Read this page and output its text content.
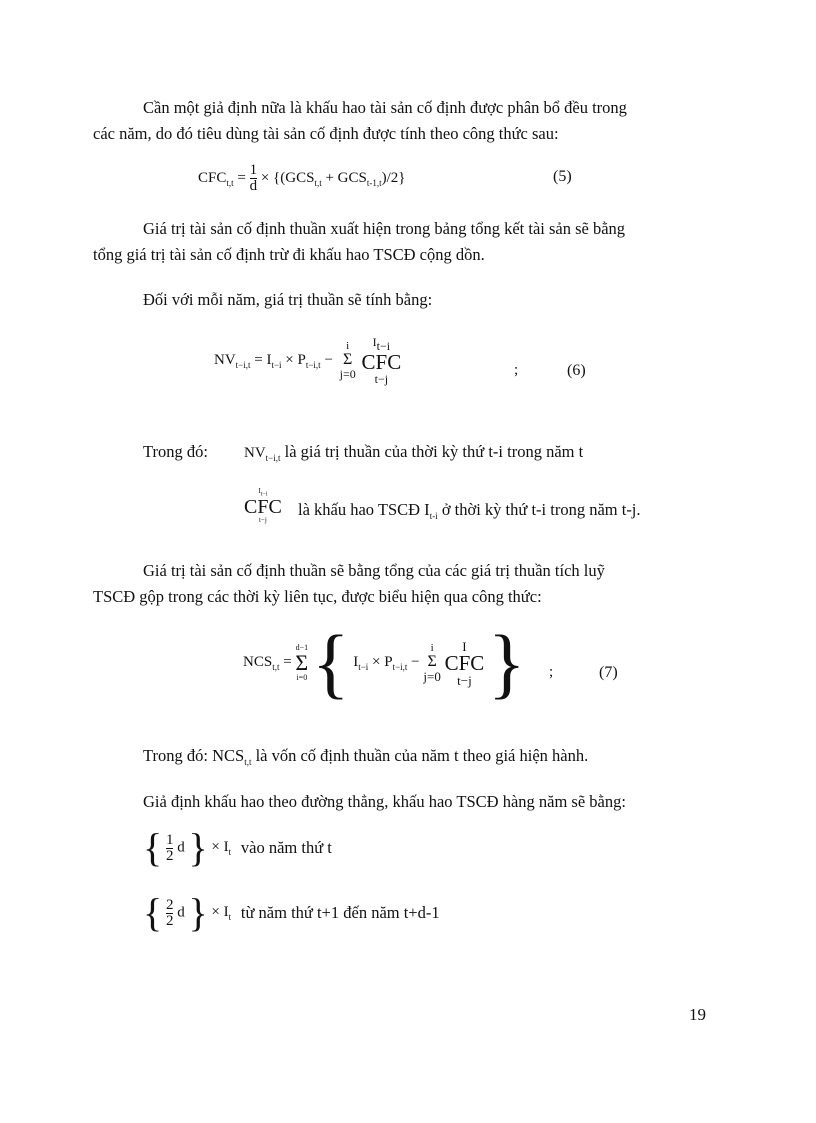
Cần một giả định nữa là khấu hao tài sản cố định được phân bổ đều trong
các năm, do đó tiêu dùng tài sản cố định được tính theo công thức sau:
$CFC_{t,t} = \frac{1}{d} \times \{(GCS_{t,t} + GCS_{t-1,t})/2\}$	(5)
Giá trị tài sản cố định thuần xuất hiện trong bảng tổng kết tài sản sẽ bằng
tổng giá trị tài sản cố định trừ đi khấu hao TSCĐ cộng dồn.
Đối với mỗi năm, giá trị thuần sẽ tính bằng:
$NV_{t-i,t} = I_{t-i} \times P_{t-i,t}$ −
i
Σ
j=0

$I_{t-i}$
CFC
t−j
;	(6)
Trong đó: $NV_{t-i,t}$ là giá trị thuần của thời kỳ thứ t-i trong năm t
$I_{t-i}$
CFC
t−j
là khấu hao TSCĐ $I_{t-i}$ ở thời kỳ thứ t-i trong năm t-j.
Giá trị tài sản cố định thuần sẽ bằng tổng của các giá trị thuần tích luỹ
TSCĐ gộp trong các thời kỳ liên tục, được biểu hiện qua công thức:
$NCS_{t,t}$ =
d−1
Σ
i=0 { $I_{t-i} \times P_{t-i,t}$ −
i
Σ
j=0

I
CFC
t−j } ;	(7)
Trong đó: $NCS_{t,t}$ là vốn cố định thuần của năm t theo giá hiện hành.
Giả định khấu hao theo đường thẳng, khấu hao TSCĐ hàng năm sẽ bằng:
{ $\frac{1}{2}$ d } × $I_t$ vào năm thứ t
{ $\frac{2}{2}$ d } × $I_t$ từ năm thứ t+1 đến năm t+d-1
19
